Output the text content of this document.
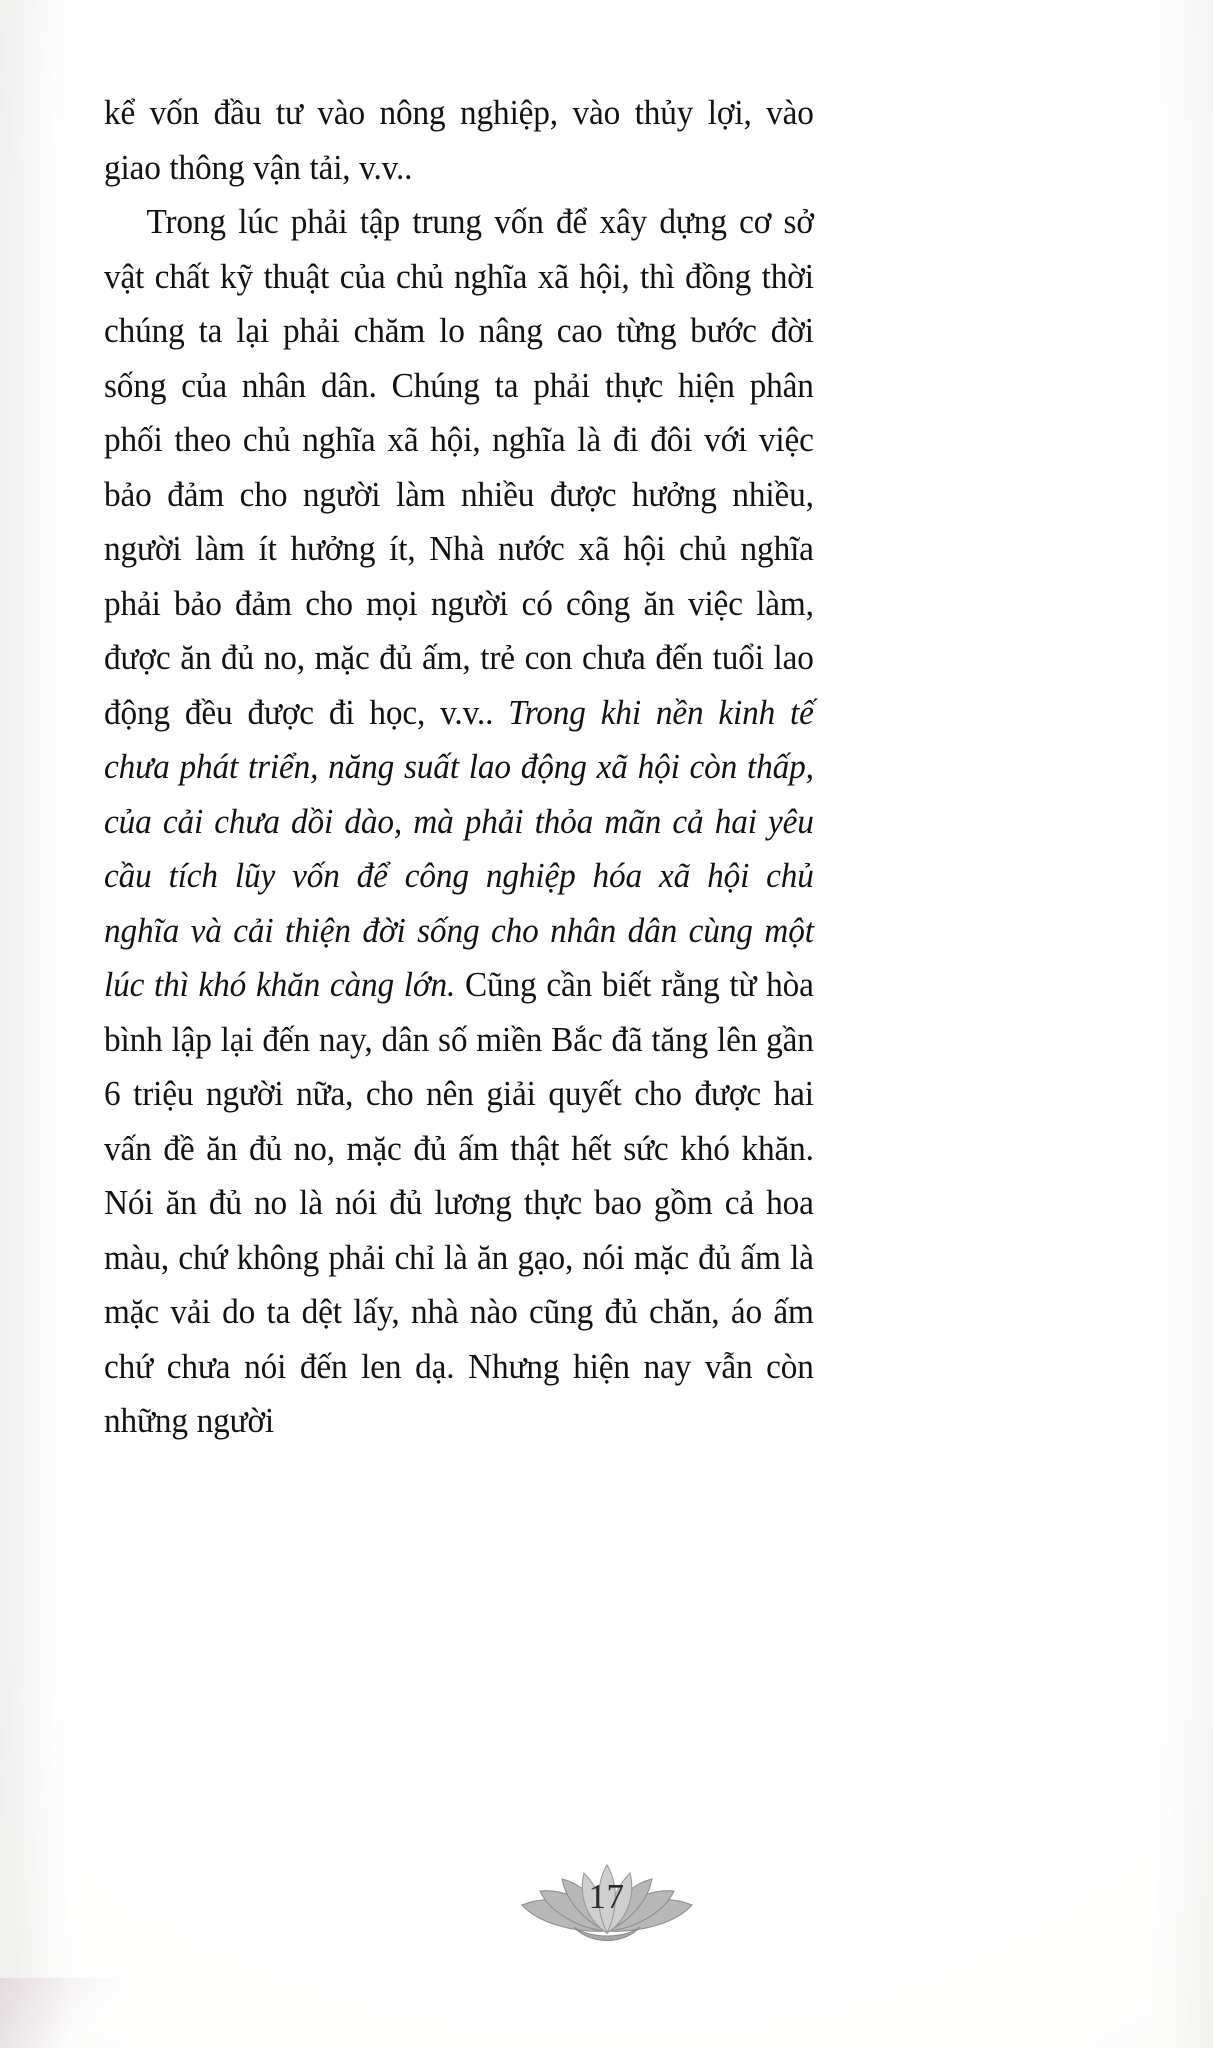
kể vốn đầu tư vào nông nghiệp, vào thủy lợi, vào giao thông vận tải, v.v..

Trong lúc phải tập trung vốn để xây dựng cơ sở vật chất kỹ thuật của chủ nghĩa xã hội, thì đồng thời chúng ta lại phải chăm lo nâng cao từng bước đời sống của nhân dân. Chúng ta phải thực hiện phân phối theo chủ nghĩa xã hội, nghĩa là đi đôi với việc bảo đảm cho người làm nhiều được hưởng nhiều, người làm ít hưởng ít, Nhà nước xã hội chủ nghĩa phải bảo đảm cho mọi người có công ăn việc làm, được ăn đủ no, mặc đủ ấm, trẻ con chưa đến tuổi lao động đều được đi học, v.v.. Trong khi nền kinh tế chưa phát triển, năng suất lao động xã hội còn thấp, của cải chưa dồi dào, mà phải thỏa mãn cả hai yêu cầu tích lũy vốn để công nghiệp hóa xã hội chủ nghĩa và cải thiện đời sống cho nhân dân cùng một lúc thì khó khăn càng lớn. Cũng cần biết rằng từ hòa bình lập lại đến nay, dân số miền Bắc đã tăng lên gần 6 triệu người nữa, cho nên giải quyết cho được hai vấn đề ăn đủ no, mặc đủ ấm thật hết sức khó khăn. Nói ăn đủ no là nói đủ lương thực bao gồm cả hoa màu, chứ không phải chỉ là ăn gạo, nói mặc đủ ấm là mặc vải do ta dệt lấy, nhà nào cũng đủ chăn, áo ấm chứ chưa nói đến len dạ. Nhưng hiện nay vẫn còn những người

17
